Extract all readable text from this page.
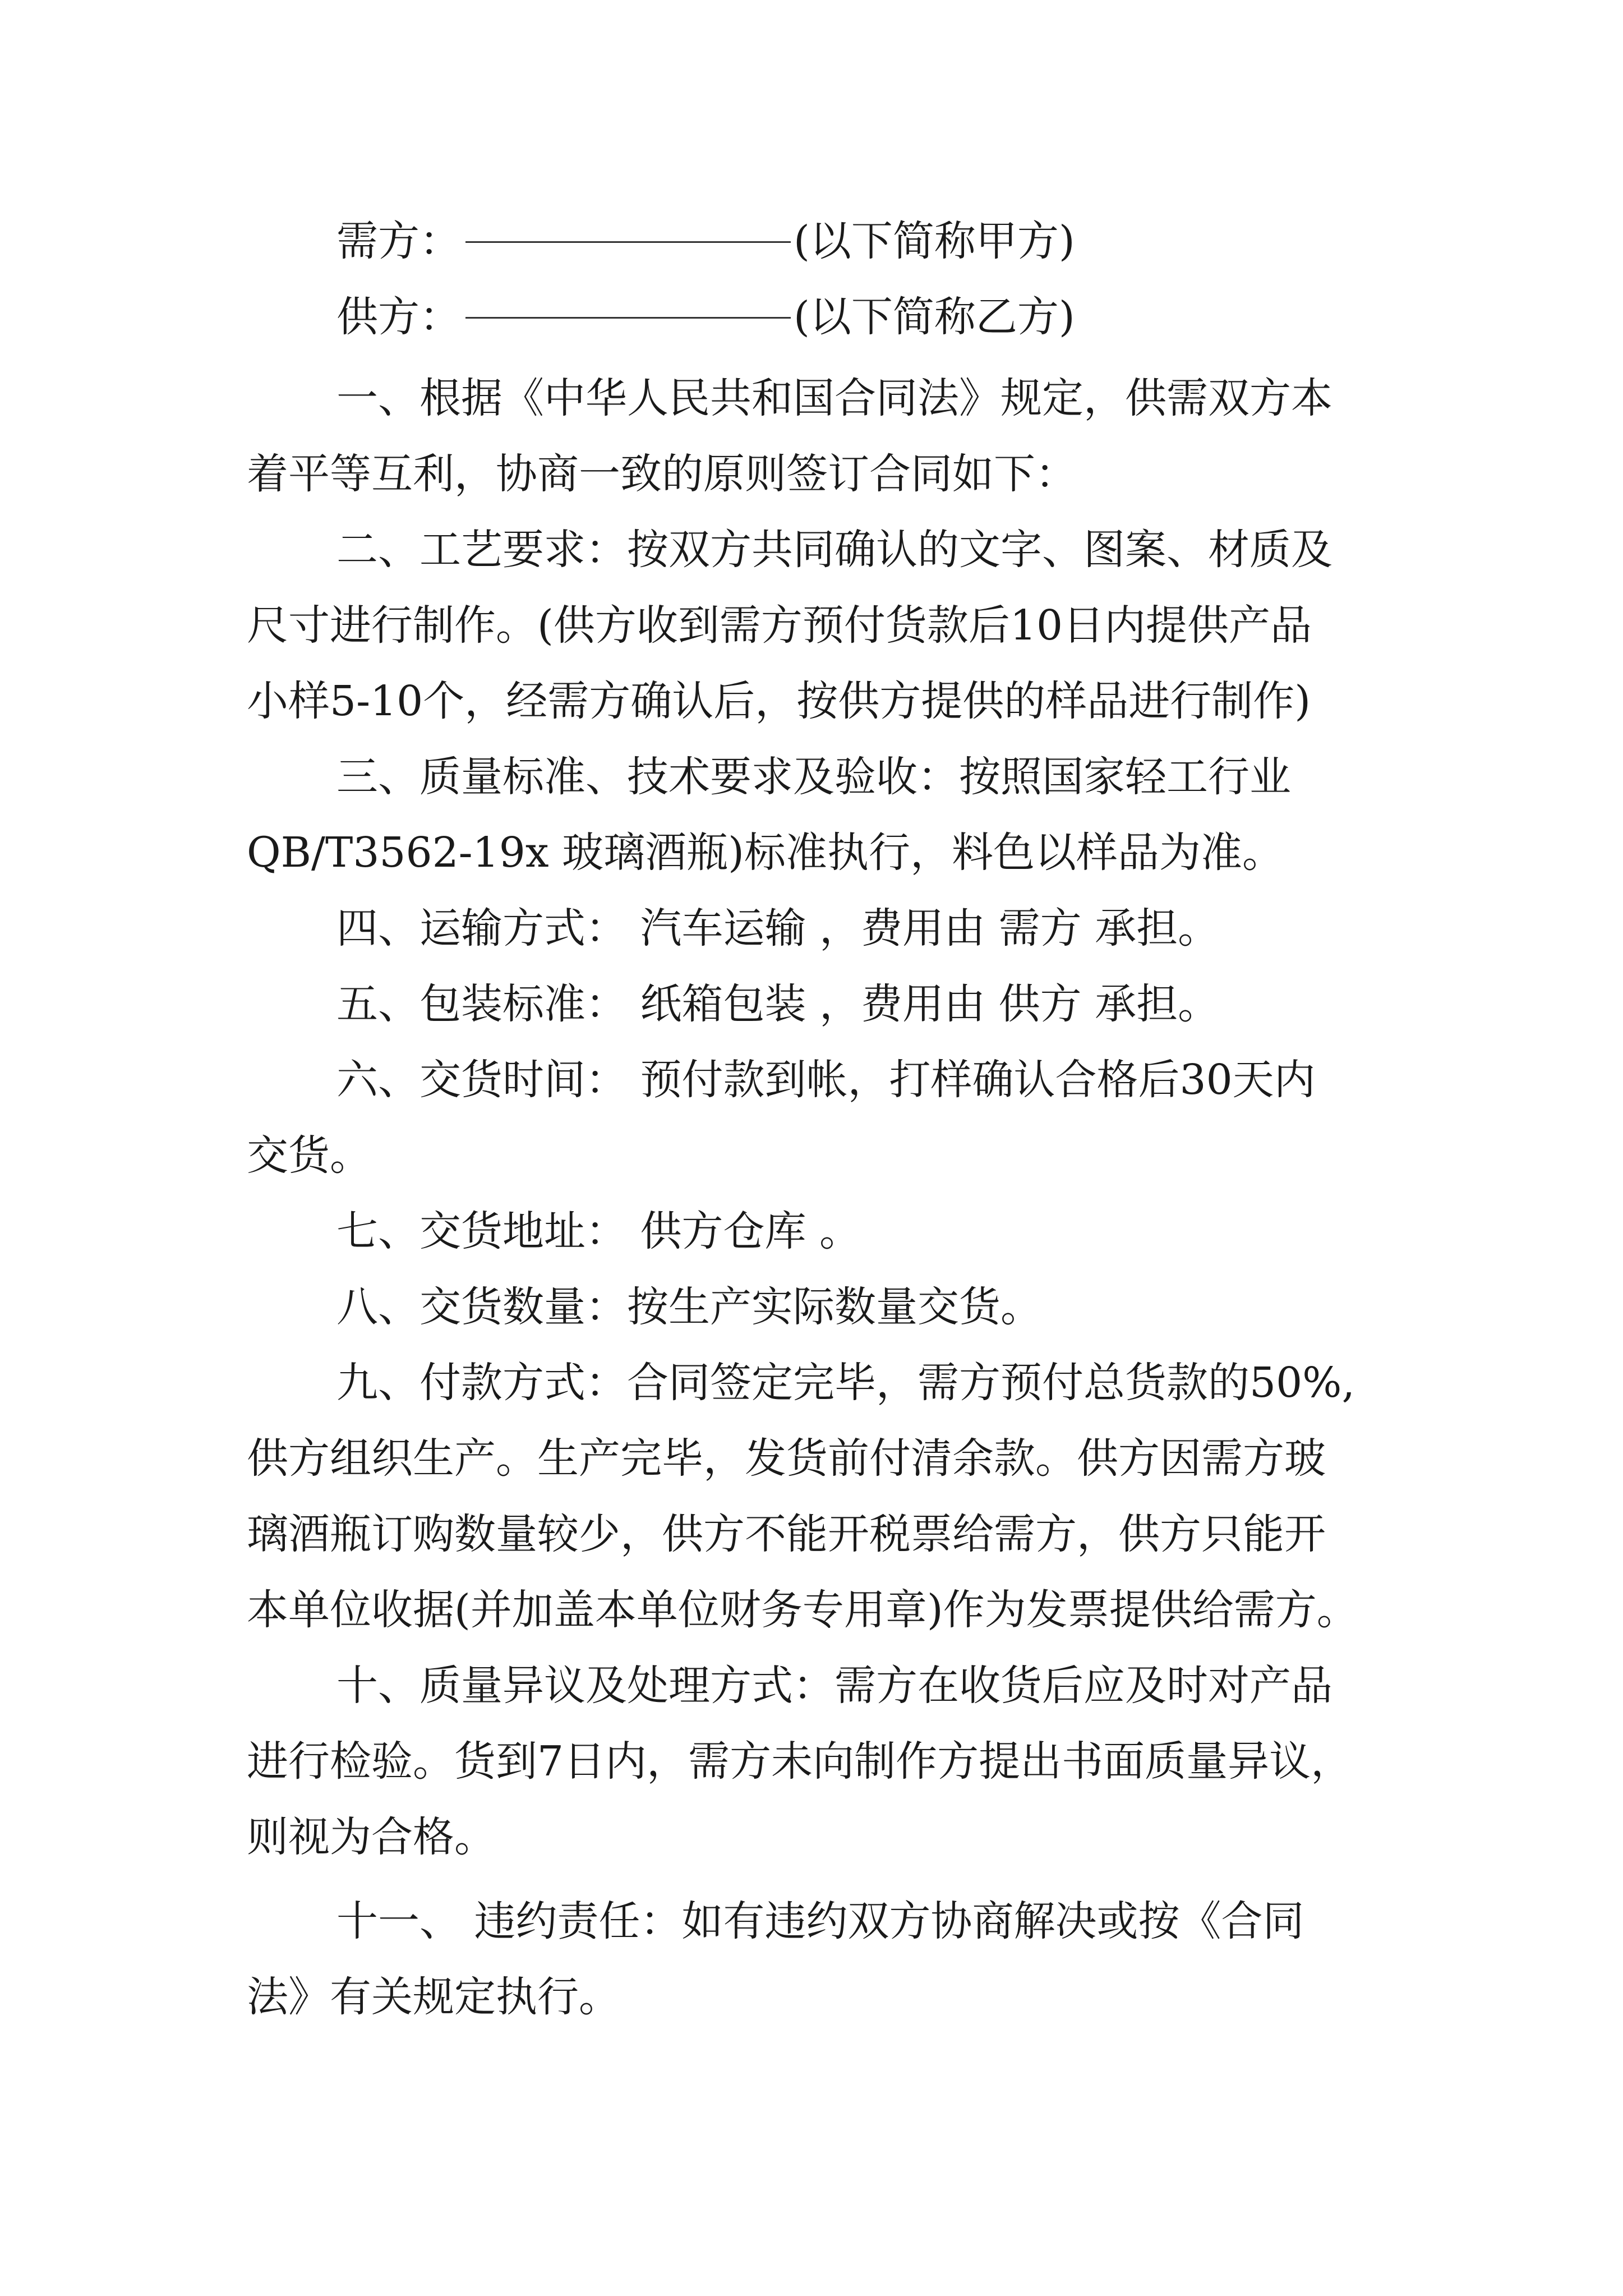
需方：	(以下简称甲方)
供方：	(以下简称乙方)
一、根据《中华人民共和国合同法》规定，供需双方本
着平等互利，协商一致的原则签订合同如下：
二、工艺要求：按双方共同确认的文字、图案、材质及
尺寸进行制作。(供方收到需方预付货款后10日内提供产品
小样5-10个，经需方确认后，按供方提供的样品进行制作)
三、质量标准、技术要求及验收：按照国家轻工行业
QB/T3562-19x 玻璃酒瓶)标准执行，料色以样品为准。
四、运输方式： 汽车运输 ，费用由 需方 承担。
五、包装标准： 纸箱包装 ，费用由 供方 承担。
六、交货时间： 预付款到帐，打样确认合格后30天内
交货。
七、交货地址： 供方仓库 。
八、交货数量：按生产实际数量交货。
九、付款方式：合同签定完毕，需方预付总货款的50%,
供方组织生产。生产完毕，发货前付清余款。供方因需方玻
璃酒瓶订购数量较少，供方不能开税票给需方，供方只能开
本单位收据(并加盖本单位财务专用章)作为发票提供给需方。
十、质量异议及处理方式：需方在收货后应及时对产品
进行检验。货到7日内，需方未向制作方提出书面质量异议，
则视为合格。
十一、 违约责任：如有违约双方协商解决或按《合同
法》有关规定执行。
